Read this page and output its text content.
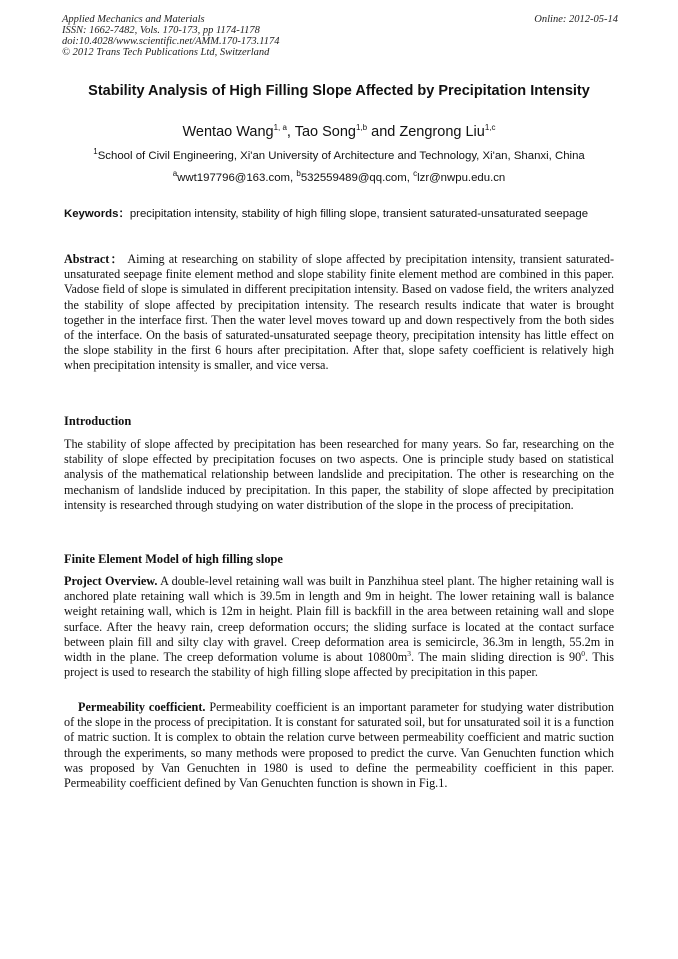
Applied Mechanics and Materials
ISSN: 1662-7482, Vols. 170-173, pp 1174-1178
doi:10.4028/www.scientific.net/AMM.170-173.1174
© 2012 Trans Tech Publications Ltd, Switzerland
Online: 2012-05-14
Stability Analysis of High Filling Slope Affected by Precipitation Intensity
Wentao Wang$^{1, a}$, Tao Song$^{1,b}$ and Zengrong Liu$^{1,c}$
$^1$School of Civil Engineering, Xi'an University of Architecture and Technology, Xi'an, Shanxi, China
$^a$wwt197796@163.com, $^b$532559489@qq.com, $^c$lzr@nwpu.edu.cn
Keywords：precipitation intensity, stability of high filling slope, transient saturated-unsaturated seepage
Abstract： Aiming at researching on stability of slope affected by precipitation intensity, transient saturated-unsaturated seepage finite element method and slope stability finite element method are combined in this paper. Vadose field of slope is simulated in different precipitation intensity. Based on vadose field, the writers analyzed the stability of slope affected by precipitation intensity. The research results indicate that water is brought together in the interface first. Then the water level moves toward up and down respectively from the both sides of the interface. On the basis of saturated-unsaturated seepage theory, precipitation intensity has little effect on the slope stability in the first 6 hours after precipitation. After that, slope safety coefficient is relatively high when precipitation intensity is smaller, and vice versa.
Introduction
The stability of slope affected by precipitation has been researched for many years. So far, researching on the stability of slope effected by precipitation focuses on two aspects. One is principle study based on statistical analysis of the mathematical relationship between landslide and precipitation. The other is researching on the mechanism of landslide induced by precipitation. In this paper, the stability of slope affected by precipitation intensity is researched through studying on water distribution of the slope in the process of precipitation.
Finite Element Model of high filling slope
Project Overview. A double-level retaining wall was built in Panzhihua steel plant. The higher retaining wall is anchored plate retaining wall which is 39.5m in length and 9m in height. The lower retaining wall is balance weight retaining wall, which is 12m in height. Plain fill is backfill in the area between retaining wall and slope surface. After the heavy rain, creep deformation occurs; the sliding surface is located at the contact surface between plain fill and silty clay with gravel. Creep deformation area is semicircle, 36.3m in length, 55.2m in width in the plane. The creep deformation volume is about $10800m^3$. The main sliding direction is $90^0$. This project is used to research the stability of high filling slope affected by precipitation in this paper.
Permeability coefficient. Permeability coefficient is an important parameter for studying water distribution of the slope in the process of precipitation. It is constant for saturated soil, but for unsaturated soil it is a function of matric suction. It is complex to obtain the relation curve between permeability coefficient and matric suction through the experiments, so many methods were proposed to predict the curve. Van Genuchten function which was proposed by Van Genuchten in 1980 is used to define the permeability coefficient in this paper. Permeability coefficient defined by Van Genuchten function is shown in Fig.1.
